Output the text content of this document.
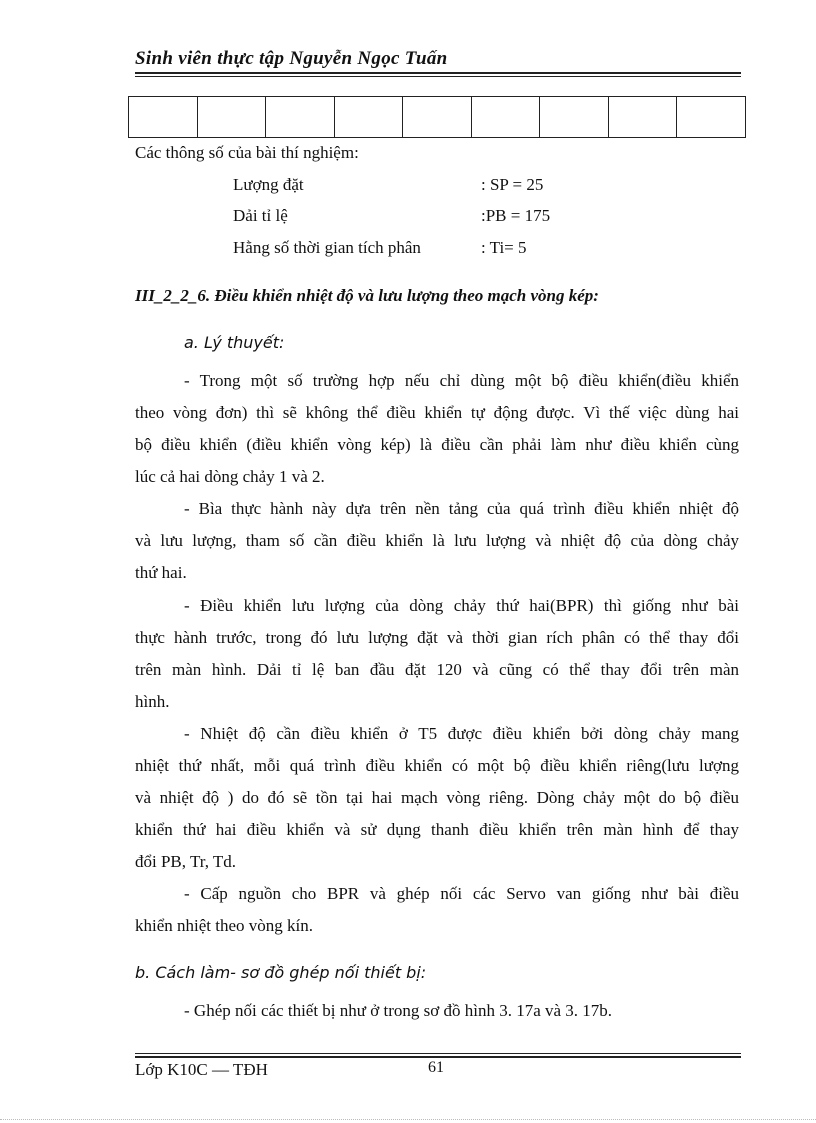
Sinh viên thực tập Nguyễn Ngọc Tuấn

Các thông số của bài thí nghiệm:
Lượng đặt	: SP = 25
Dải tỉ lệ	:PB = 175
Hằng số thời gian tích phân	: Ti= 5
III_2_2_6. Điều khiển nhiệt độ và lưu lượng theo mạch vòng kép:
a. Lý thuyết:
- Trong một số trường hợp nếu chỉ dùng một bộ điều khiển(điều khiển
theo vòng đơn) thì sẽ không thể điều khiển tự động được. Vì thế việc dùng hai
bộ điều khiển (điều khiển vòng kép) là điều cần phải làm như điều khiển cùng
lúc cả hai dòng chảy 1 và 2.
- Bìa thực hành này dựa trên nền tảng của quá trình điều khiển nhiệt độ
và lưu lượng, tham số cần điều khiển là lưu lượng và nhiệt độ của dòng chảy
thứ hai.
- Điều khiển lưu lượng của dòng chảy thứ hai(BPR) thì giống như bài
thực hành trước, trong đó lưu lượng đặt và thời gian rích phân có thể thay đổi
trên màn hình. Dải tỉ lệ ban đầu đặt 120 và cũng có thể thay đổi trên màn
hình.
- Nhiệt độ cần điều khiển ở T5 được điều khiển bởi dòng chảy mang
nhiệt thứ nhất, mỗi quá trình điều khiển có một bộ điều khiển riêng(lưu lượng
và nhiệt độ ) do đó sẽ tồn tại hai mạch vòng riêng. Dòng chảy một do bộ điều
khiển thứ hai điều khiển và sử dụng thanh điều khiển trên màn hình để thay
đổi PB, Tr, Td.
- Cấp nguồn cho BPR và ghép nối các Servo van giống như bài điều
khiển nhiệt theo vòng kín.
b. Cách làm- sơ đồ ghép nối thiết bị:
- Ghép nối các thiết bị như ở trong sơ đồ hình 3. 17a và 3. 17b.
Lớp K10C — TĐH	61
